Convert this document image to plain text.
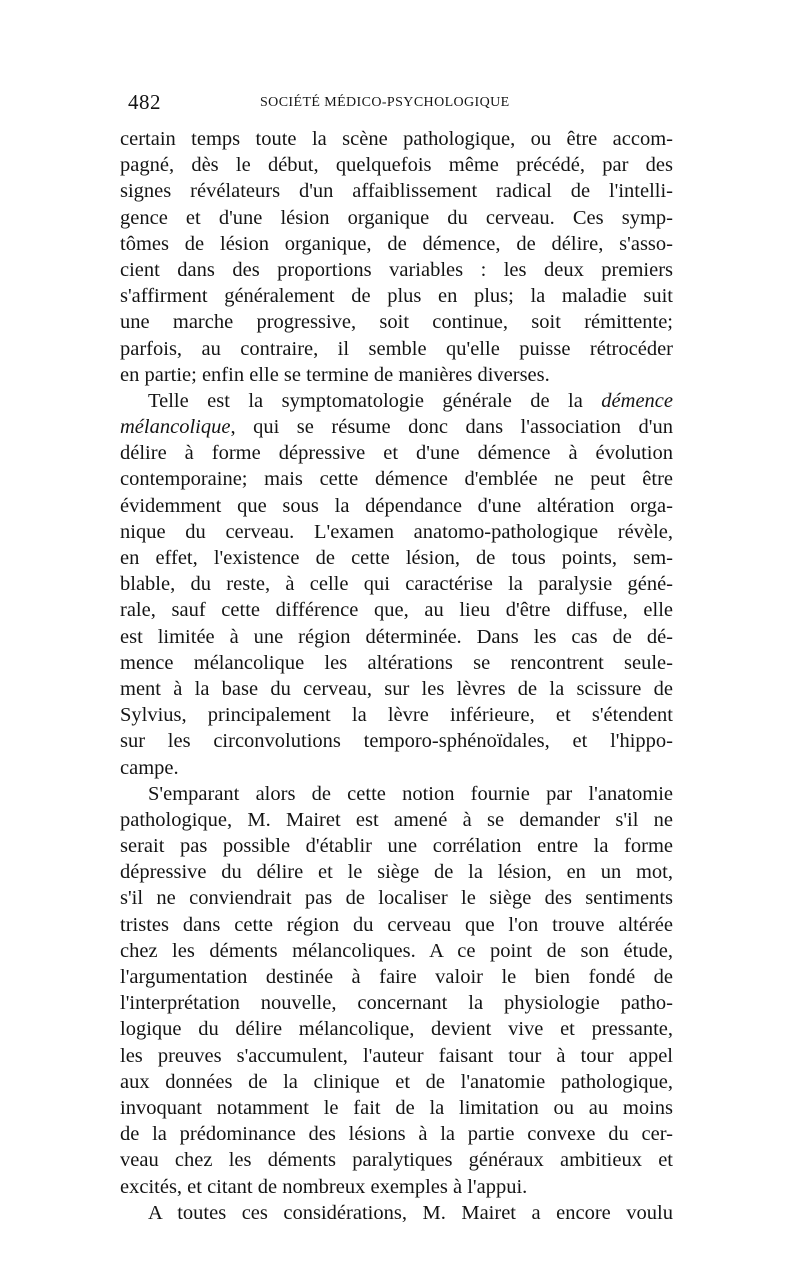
482	SOCIÉTÉ MÉDICO-PSYCHOLOGIQUE
certain temps toute la scène pathologique, ou être accom-
pagné, dès le début, quelquefois même précédé, par des
signes révélateurs d'un affaiblissement radical de l'intelli-
gence et d'une lésion organique du cerveau. Ces symp-
tômes de lésion organique, de démence, de délire, s'asso-
cient dans des proportions variables : les deux premiers
s'affirment généralement de plus en plus; la maladie suit
une marche progressive, soit continue, soit rémittente;
parfois, au contraire, il semble qu'elle puisse rétrocéder
en partie; enfin elle se termine de manières diverses.
Telle est la symptomatologie générale de la démence
mélancolique, qui se résume donc dans l'association d'un
délire à forme dépressive et d'une démence à évolution
contemporaine; mais cette démence d'emblée ne peut être
évidemment que sous la dépendance d'une altération orga-
nique du cerveau. L'examen anatomo-pathologique révèle,
en effet, l'existence de cette lésion, de tous points, sem-
blable, du reste, à celle qui caractérise la paralysie géné-
rale, sauf cette différence que, au lieu d'être diffuse, elle
est limitée à une région déterminée. Dans les cas de dé-
mence mélancolique les altérations se rencontrent seule-
ment à la base du cerveau, sur les lèvres de la scissure de
Sylvius, principalement la lèvre inférieure, et s'étendent
sur les circonvolutions temporo-sphénoïdales, et l'hippo-
campe.
S'emparant alors de cette notion fournie par l'anatomie
pathologique, M. Mairet est amené à se demander s'il ne
serait pas possible d'établir une corrélation entre la forme
dépressive du délire et le siège de la lésion, en un mot,
s'il ne conviendrait pas de localiser le siège des sentiments
tristes dans cette région du cerveau que l'on trouve altérée
chez les déments mélancoliques. A ce point de son étude,
l'argumentation destinée à faire valoir le bien fondé de
l'interprétation nouvelle, concernant la physiologie patho-
logique du délire mélancolique, devient vive et pressante,
les preuves s'accumulent, l'auteur faisant tour à tour appel
aux données de la clinique et de l'anatomie pathologique,
invoquant notamment le fait de la limitation ou au moins
de la prédominance des lésions à la partie convexe du cer-
veau chez les déments paralytiques généraux ambitieux et
excités, et citant de nombreux exemples à l'appui.
A toutes ces considérations, M. Mairet a encore voulu
